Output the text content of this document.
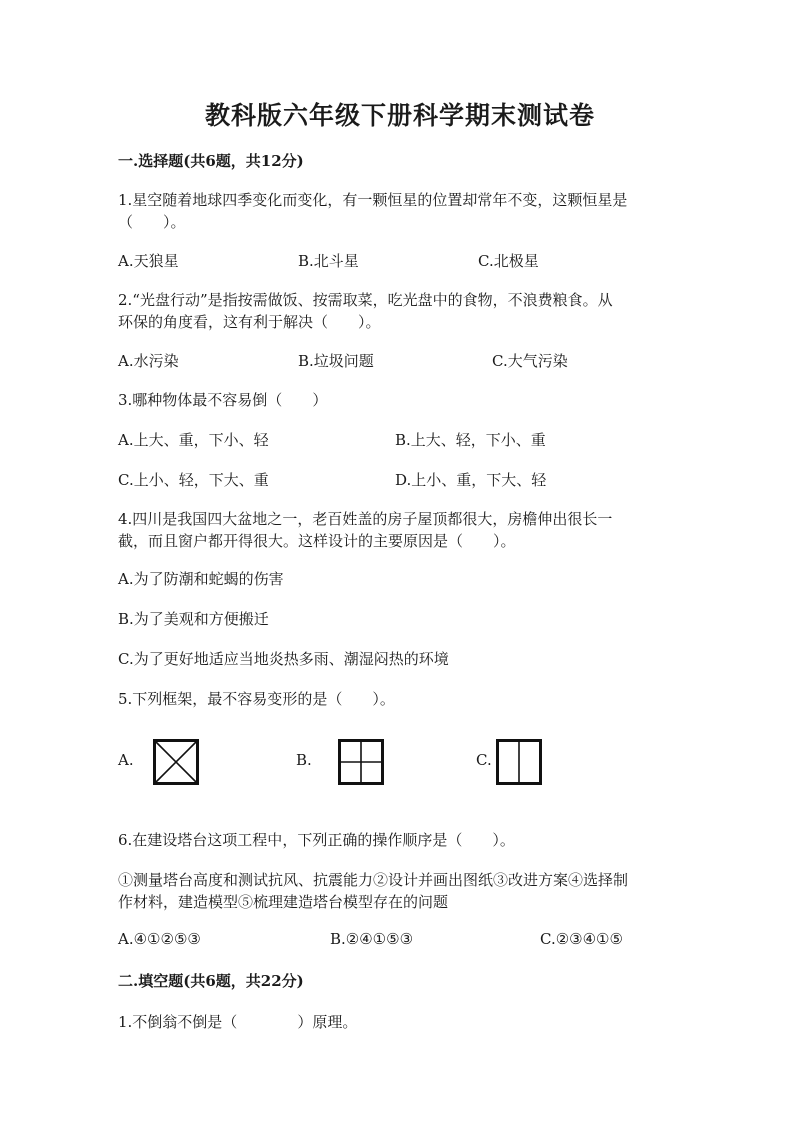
教科版六年级下册科学期末测试卷
一.选择题(共6题，共12分)
1.星空随着地球四季变化而变化，有一颗恒星的位置却常年不变，这颗恒星是
（　　）。
A.天狼星	B.北斗星	C.北极星
2.“光盘行动”是指按需做饭、按需取菜，吃光盘中的食物，不浪费粮食。从
环保的角度看，这有利于解决（　　）。
A.水污染	B.垃圾问题	C.大气污染
3.哪种物体最不容易倒（　　）
A.上大、重，下小、轻	B.上大、轻，下小、重
C.上小、轻，下大、重	D.上小、重，下大、轻
4.四川是我国四大盆地之一，老百姓盖的房子屋顶都很大，房檐伸出很长一
截，而且窗户都开得很大。这样设计的主要原因是（　　）。
A.为了防潮和蛇蝎的伤害
B.为了美观和方便搬迁
C.为了更好地适应当地炎热多雨、潮湿闷热的环境
5.下列框架，最不容易变形的是（　　）。
A.	B.	C.
6.在建设塔台这项工程中，下列正确的操作顺序是（　　）。
①测量塔台高度和测试抗风、抗震能力②设计并画出图纸③改进方案④选择制
作材料，建造模型⑤梳理建造塔台模型存在的问题
A.④①②⑤③	B.②④①⑤③	C.②③④①⑤
二.填空题(共6题，共22分)
1.不倒翁不倒是（　　　　）原理。
